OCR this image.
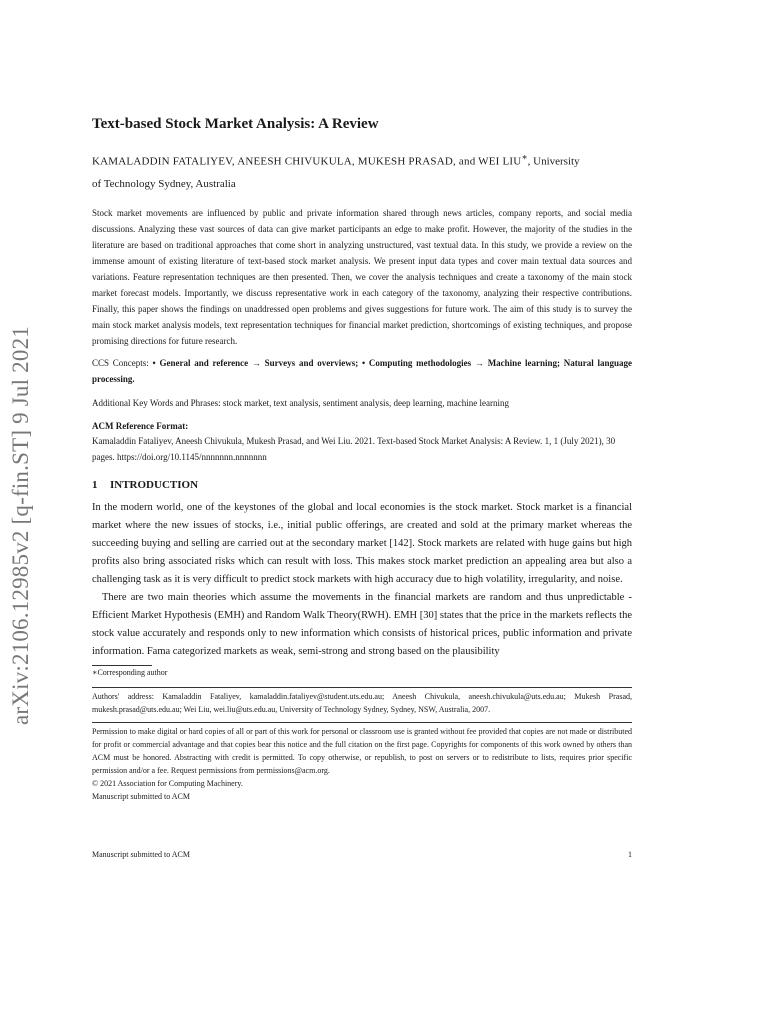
arXiv:2106.12985v2 [q-fin.ST] 9 Jul 2021
Text-based Stock Market Analysis: A Review
KAMALADDIN FATALIYEV, ANEESH CHIVUKULA, MUKESH PRASAD, and WEI LIU∗, University
of Technology Sydney, Australia

Stock market movements are influenced by public and private information shared through news articles, company reports, and social media discussions. Analyzing these vast sources of data can give market participants an edge to make profit. However, the majority of the studies in the literature are based on traditional approaches that come short in analyzing unstructured, vast textual data. In this study, we provide a review on the immense amount of existing literature of text-based stock market analysis. We present input data types and cover main textual data sources and variations. Feature representation techniques are then presented. Then, we cover the analysis techniques and create a taxonomy of the main stock market forecast models. Importantly, we discuss representative work in each category of the taxonomy, analyzing their respective contributions. Finally, this paper shows the findings on unaddressed open problems and gives suggestions for future work. The aim of this study is to survey the main stock market analysis models, text representation techniques for financial market prediction, shortcomings of existing techniques, and propose promising directions for future research.

CCS Concepts: • General and reference → Surveys and overviews; • Computing methodologies → Machine learning; Natural language processing.

Additional Key Words and Phrases: stock market, text analysis, sentiment analysis, deep learning, machine learning

ACM Reference Format:

Kamaladdin Fataliyev, Aneesh Chivukula, Mukesh Prasad, and Wei Liu. 2021. Text-based Stock Market Analysis: A Review. 1, 1 (July 2021), 30 pages. https://doi.org/10.1145/nnnnnnn.nnnnnnn

1 INTRODUCTION

In the modern world, one of the keystones of the global and local economies is the stock market. Stock market is a financial market where the new issues of stocks, i.e., initial public offerings, are created and sold at the primary market whereas the succeeding buying and selling are carried out at the secondary market [142]. Stock markets are related with huge gains but high profits also bring associated risks which can result with loss. This makes stock market prediction an appealing area but also a challenging task as it is very difficult to predict stock markets with high accuracy due to high volatility, irregularity, and noise.

There are two main theories which assume the movements in the financial markets are random and thus unpredictable - Efficient Market Hypothesis (EMH) and Random Walk Theory(RWH). EMH [30] states that the price in the markets reflects the stock value accurately and responds only to new information which consists of historical prices, public information and private information. Fama categorized markets as weak, semi-strong and strong based on the plausibility

∗Corresponding author

Authors' address: Kamaladdin Fataliyev, kamaladdin.fataliyev@student.uts.edu.au; Aneesh Chivukula, aneesh.chivukula@uts.edu.au; Mukesh Prasad, mukesh.prasad@uts.edu.au; Wei Liu, wei.liu@uts.edu.au, University of Technology Sydney, Sydney, NSW, Australia, 2007.

Permission to make digital or hard copies of all or part of this work for personal or classroom use is granted without fee provided that copies are not made or distributed for profit or commercial advantage and that copies bear this notice and the full citation on the first page. Copyrights for components of this work owned by others than ACM must be honored. Abstracting with credit is permitted. To copy otherwise, or republish, to post on servers or to redistribute to lists, requires prior specific permission and/or a fee. Request permissions from permissions@acm.org.

© 2021 Association for Computing Machinery.

Manuscript submitted to ACM

Manuscript submitted to ACM	1
